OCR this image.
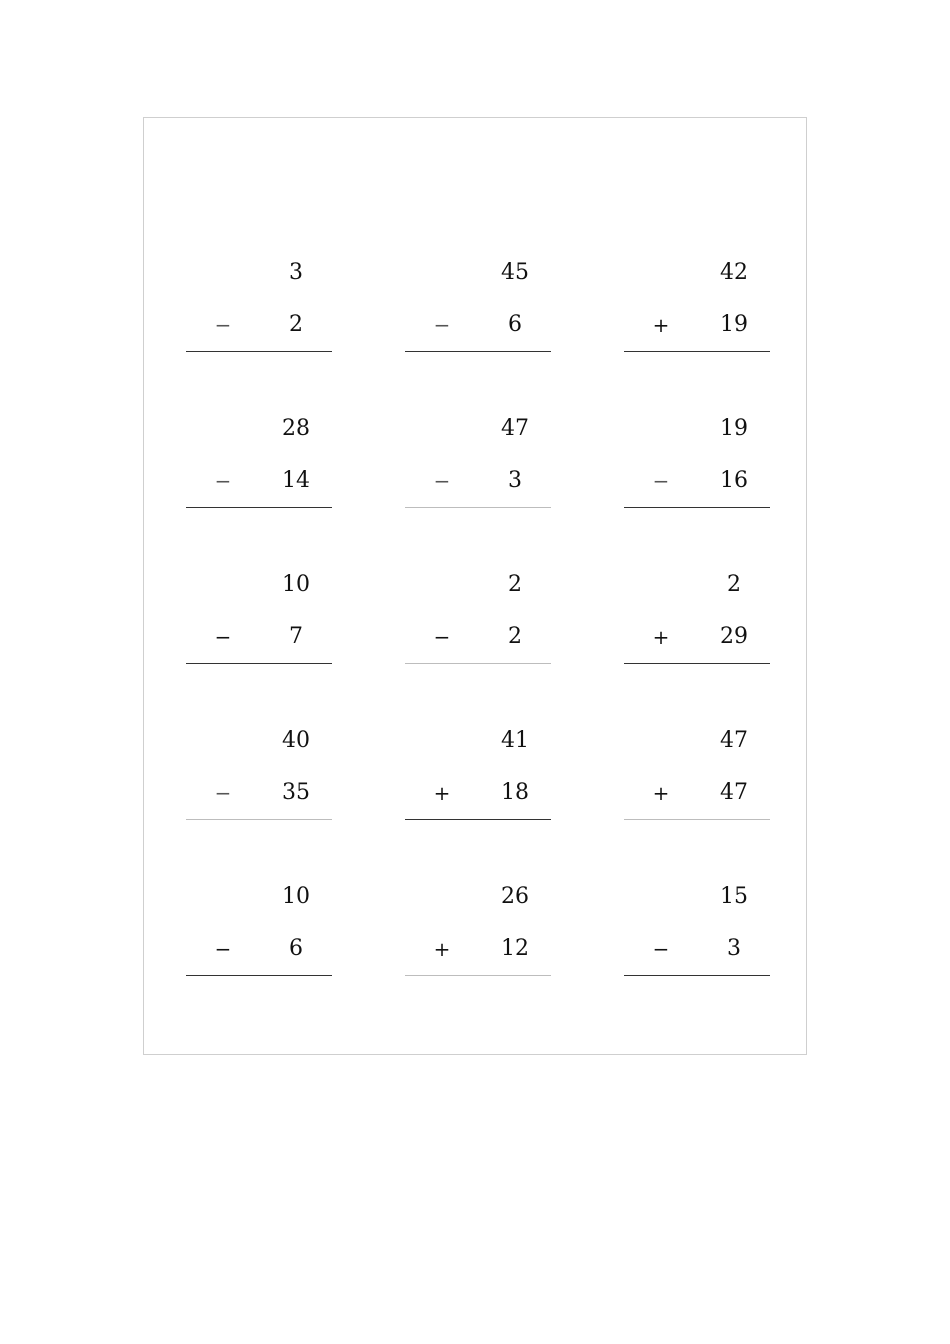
3
−	2
45
−	6
42
+	19
28
−	14
47
−	3
19
−	16
10
−	7
2
−	2
2
+	29
40
−	35
41
+	18
47
+	47
10
−	6
26
+	12
15
−	3
